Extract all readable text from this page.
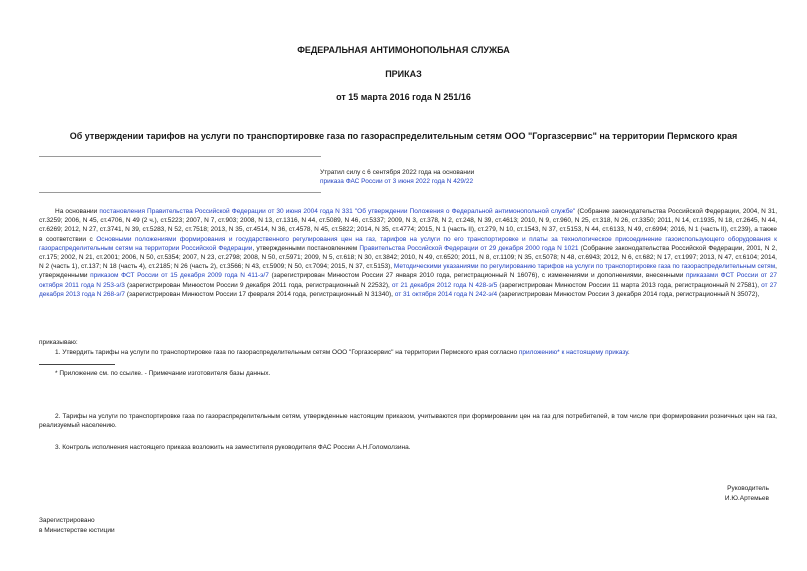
ФЕДЕРАЛЬНАЯ АНТИМОНОПОЛЬНАЯ СЛУЖБА
ПРИКАЗ
от 15 марта 2016 года N 251/16
Об утверждении тарифов на услуги по транспортировке газа по газораспределительным сетям ООО "Горгазсервис" на территории Пермского края
Утратил силу с 6 сентября 2022 года на основании
приказа ФАС России от 3 июня 2022 года N 429/22
На основании постановления Правительства Российской Федерации от 30 июня 2004 года N 331 "Об утверждении Положения о Федеральной антимонопольной службе" (Собрание законодательства Российской Федерации, 2004, N 31, ст.3259; 2006, N 45, ст.4706, N 49 (2 ч.), ст.5223; 2007, N 7, ст.903; 2008, N 13, ст.1316, N 44, ст.5089, N 46, ст.5337; 2009, N 3, ст.378, N 2, ст.248, N 39, ст.4613; 2010, N 9, ст.960, N 25, ст.318, N 26, ст.3350; 2011, N 14, ст.1935, N 18, ст.2645, N 44, ст.6269; 2012, N 27, ст.3741, N 39, ст.5283, N 52, ст.7518; 2013, N 35, ст.4514, N 36, ст.4578, N 45, ст.5822; 2014, N 35, ст.4774; 2015, N 1 (часть II), ст.279, N 10, ст.1543, N 37, ст.5153, N 44, ст.6133, N 49, ст.6994; 2016, N 1 (часть II), ст.239), а также в соответствии с Основными положениями формирования и государственного регулирования цен на газ, тарифов на услуги по его транспортировке и платы за технологическое присоединение газоиспользующего оборудования к газораспределительным сетям на территории Российской Федерации, утвержденными постановлением Правительства Российской Федерации от 29 декабря 2000 года N 1021 (Собрание законодательства Российской Федерации, 2001, N 2, ст.175; 2002, N 21, ст.2001; 2006, N 50, ст.5354; 2007, N 23, ст.2798; 2008, N 50, ст.5971; 2009, N 5, ст.618; N 30, ст.3842; 2010, N 49, ст.6520; 2011, N 8, ст.1109; N 35, ст.5078; N 48, ст.6943; 2012, N 6, ст.682; N 17, ст.1997; 2013, N 47, ст.6104; 2014, N 2 (часть 1), ст.137; N 18 (часть 4), ст.2185; N 26 (часть 2), ст.3566; N 43, ст.5909; N 50, ст.7094; 2015, N 37, ст.5153), Методическими указаниями по регулированию тарифов на услуги по транспортировке газа по газораспределительным сетям, утвержденными приказом ФСТ России от 15 декабря 2009 года N 411-э/7 (зарегистрирован Минюстом России 27 января 2010 года, регистрационный N 16076), с изменениями и дополнениями, внесенными приказами ФСТ России от 27 октября 2011 года N 253-э/3 (зарегистрирован Минюстом России 9 декабря 2011 года, регистрационный N 22532), от 21 декабря 2012 года N 428-э/5 (зарегистрирован Минюстом России 11 марта 2013 года, регистрационный N 27581), от 27 декабря 2013 года N 268-э/7 (зарегистрирован Минюстом России 17 февраля 2014 года, регистрационный N 31340), от 31 октября 2014 года N 242-э/4 (зарегистрирован Минюстом России 3 декабря 2014 года, регистрационный N 35072),
приказываю:
1. Утвердить тарифы на услуги по транспортировке газа по газораспределительным сетям ООО "Горгазсервис" на территории Пермского края согласно приложению* к настоящему приказу.
* Приложение см. по ссылке. - Примечание изготовителя базы данных.
2. Тарифы на услуги по транспортировке газа по газораспределительным сетям, утвержденные настоящим приказом, учитываются при формировании цен на газ для потребителей, в том числе при формировании розничных цен на газ, реализуемый населению.
3. Контроль исполнения настоящего приказа возложить на заместителя руководителя ФАС России А.Н.Голомолзина.
Руководитель
И.Ю.Артемьев
Зарегистрировано
в Министерстве юстиции
